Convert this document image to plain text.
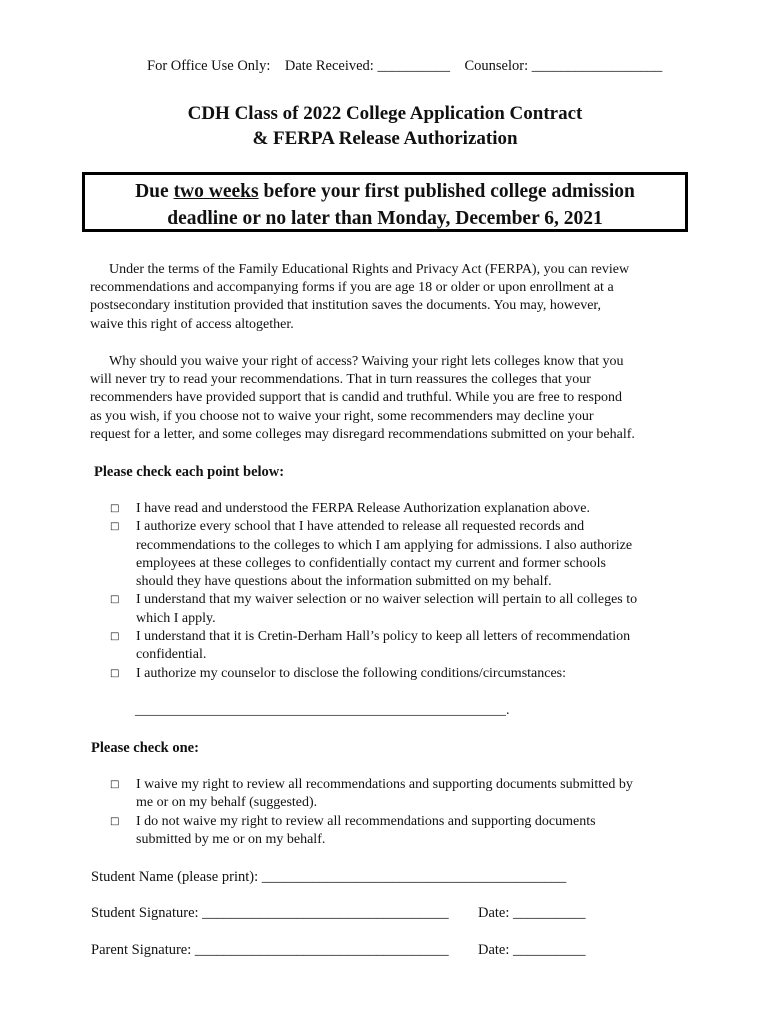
For Office Use Only:    Date Received: __________    Counselor: __________________
CDH Class of 2022 College Application Contract
& FERPA Release Authorization
Due two weeks before your first published college admission
deadline or no later than Monday, December 6, 2021
Under the terms of the Family Educational Rights and Privacy Act (FERPA), you can review
recommendations and accompanying forms if you are age 18 or older or upon enrollment at a
postsecondary institution provided that institution saves the documents. You may, however,
waive this right of access altogether.
Why should you waive your right of access? Waiving your right lets colleges know that you
will never try to read your recommendations. That in turn reassures the colleges that your
recommenders have provided support that is candid and truthful. While you are free to respond
as you wish, if you choose not to waive your right, some recommenders may decline your
request for a letter, and some colleges may disregard recommendations submitted on your behalf.
Please check each point below:
□ I have read and understood the FERPA Release Authorization explanation above.
□ I authorize every school that I have attended to release all requested records and
recommendations to the colleges to which I am applying for admissions. I also authorize
employees at these colleges to confidentially contact my current and former schools
should they have questions about the information submitted on my behalf.
□ I understand that my waiver selection or no waiver selection will pertain to all colleges to
which I apply.
□ I understand that it is Cretin-Derham Hall’s policy to keep all letters of recommendation
confidential.
□ I authorize my counselor to disclose the following conditions/circumstances:
_____________________________________________________.
Please check one:
□ I waive my right to review all recommendations and supporting documents submitted by
me or on my behalf (suggested).
□ I do not waive my right to review all recommendations and supporting documents
submitted by me or on my behalf.
Student Name (please print): __________________________________________
Student Signature: __________________________________ Date: __________
Parent Signature: ___________________________________ Date: __________
